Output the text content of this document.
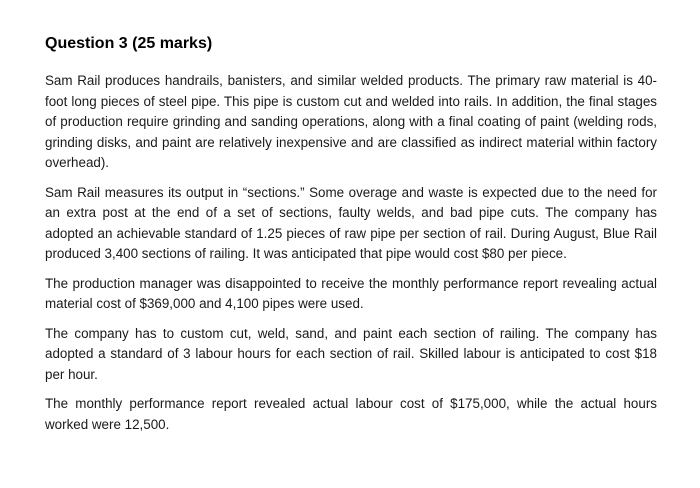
Question 3 (25 marks)

Sam Rail produces handrails, banisters, and similar welded products. The primary raw material is 40-foot long pieces of steel pipe. This pipe is custom cut and welded into rails. In addition, the final stages of production require grinding and sanding operations, along with a final coating of paint (welding rods, grinding disks, and paint are relatively inexpensive and are classified as indirect material within factory overhead).

Sam Rail measures its output in “sections.” Some overage and waste is expected due to the need for an extra post at the end of a set of sections, faulty welds, and bad pipe cuts. The company has adopted an achievable standard of 1.25 pieces of raw pipe per section of rail. During August, Blue Rail produced 3,400 sections of railing. It was anticipated that pipe would cost $80 per piece.

The production manager was disappointed to receive the monthly performance report revealing actual material cost of $369,000 and 4,100 pipes were used.

The company has to custom cut, weld, sand, and paint each section of railing. The company has adopted a standard of 3 labour hours for each section of rail. Skilled labour is anticipated to cost $18 per hour.

The monthly performance report revealed actual labour cost of $175,000, while the actual hours worked were 12,500.
